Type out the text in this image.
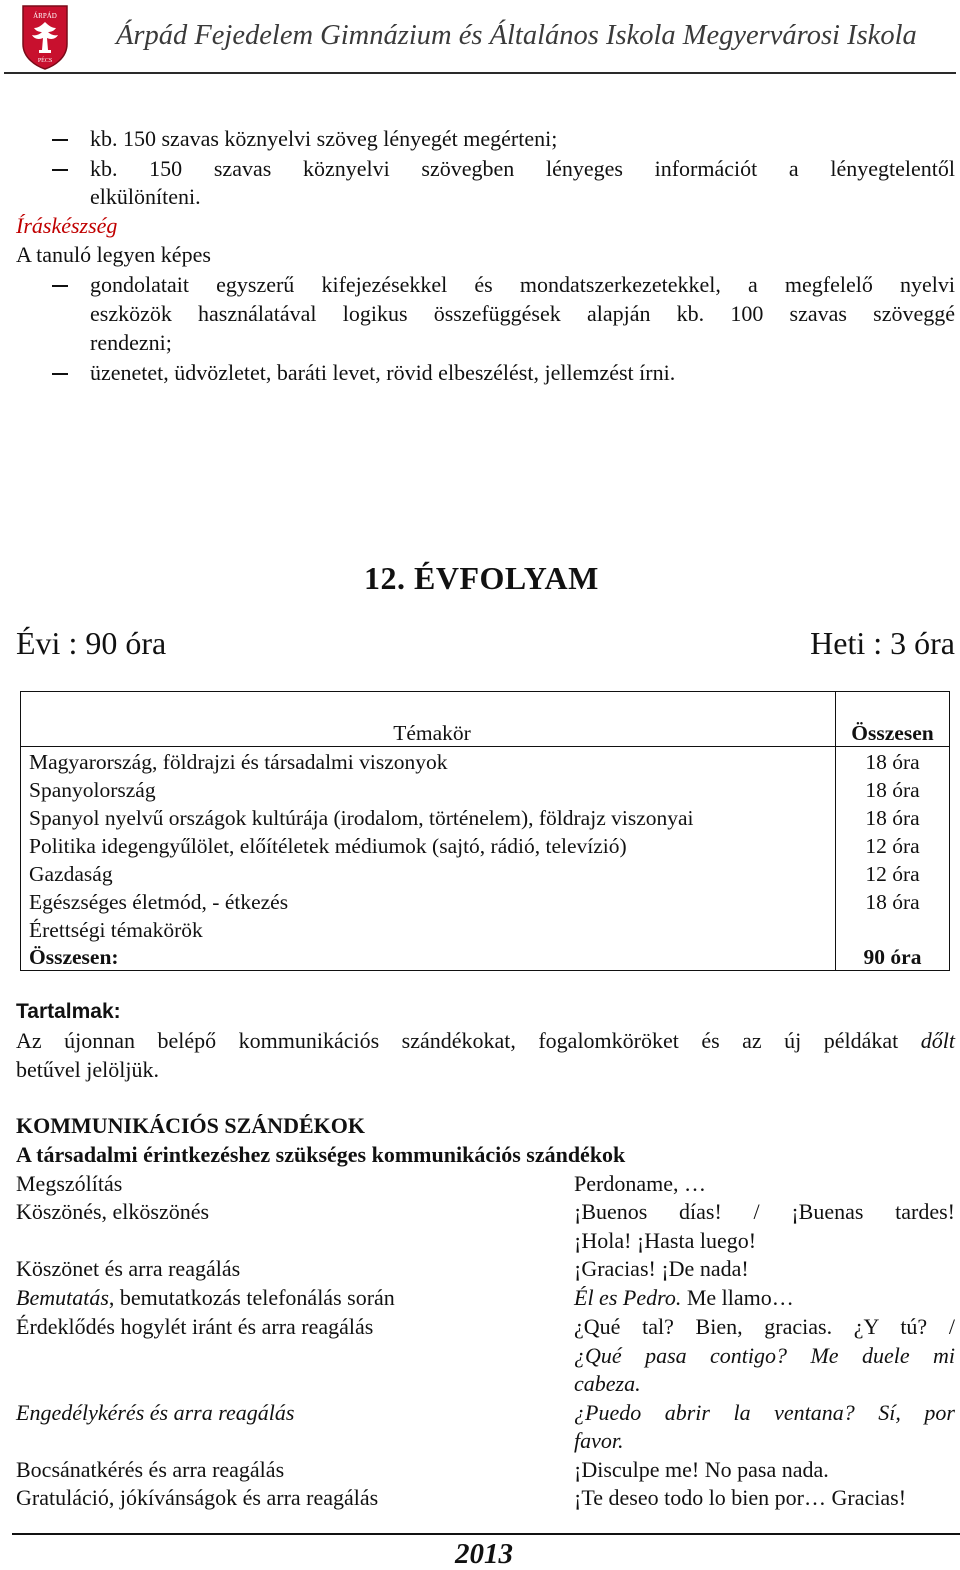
ÁRPÁD
PÉCS
Árpád Fejedelem Gimnázium és Általános Iskola Megyervárosi Iskola
kb. 150 szavas köznyelvi szöveg lényegét megérteni;
kb. 150 szavas köznyelvi szövegben lényeges információt a lényegtelentől
elkülöníteni.
Íráskészség
A tanuló legyen képes
gondolatait egyszerű kifejezésekkel és mondatszerkezetekkel, a megfelelő nyelvi
eszközök használatával logikus összefüggések alapján kb. 100 szavas szöveggé
rendezni;
üzenetet, üdvözletet, baráti levet, rövid elbeszélést, jellemzést írni.
12. ÉVFOLYAM
Évi : 90 óra	Heti : 3 óra
Témakör	Összesen
Magyarország, földrajzi és társadalmi viszonyok	18 óra
Spanyolország	18 óra
Spanyol nyelvű országok kultúrája (irodalom, történelem), földrajz viszonyai	18 óra
Politika idegengyűlölet, előítéletek médiumok (sajtó, rádió, televízió)	12 óra
Gazdaság	12 óra
Egészséges életmód, - étkezés	18 óra
Érettségi témakörök	
Összesen:	90 óra
Tartalmak:
Az újonnan belépő kommunikációs szándékokat, fogalomköröket és az új példákat dőlt
betűvel jelöljük.
KOMMUNIKÁCIÓS SZÁNDÉKOK
A társadalmi érintkezéshez szükséges kommunikációs szándékok
Megszólítás	Perdoname, …
Köszönés, elköszönés	¡Buenos días! / ¡Buenas tardes!
¡Hola! ¡Hasta luego!
Köszönet és arra reagálás	¡Gracias! ¡De nada!
Bemutatás, bemutatkozás telefonálás során	Él es Pedro. Me llamo…
Érdeklődés hogylét iránt és arra reagálás	¿Qué tal? Bien, gracias. ¿Y tú? /
¿Qué pasa contigo? Me duele mi
cabeza.
Engedélykérés és arra reagálás	¿Puedo abrir la ventana? Sí, por
favor.
Bocsánatkérés és arra reagálás	¡Disculpe me! No pasa nada.
Gratuláció, jókívánságok és arra reagálás	¡Te deseo todo lo bien por… Gracias!
2013
